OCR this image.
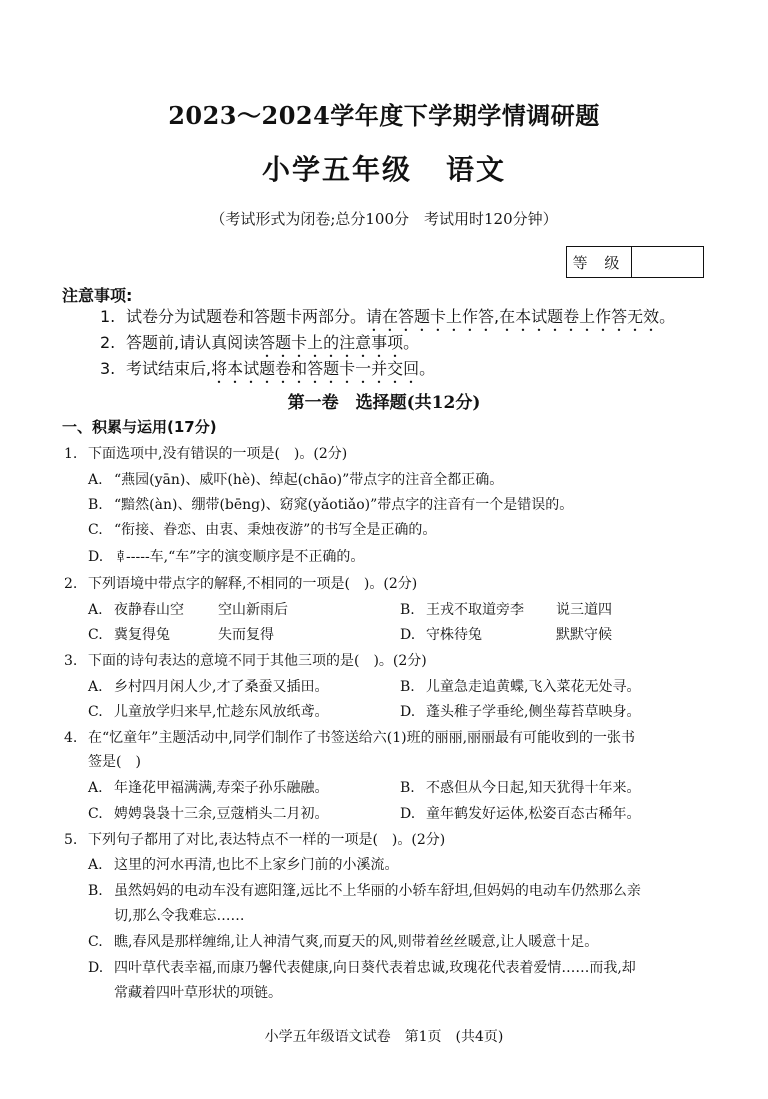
2023～2024学年度下学期学情调研题
小学五年级 语文
（考试形式为闭卷;总分100分　考试用时120分钟）
等 级
注意事项:
1. 试卷分为试题卷和答题卡两部分。请在答题卡上作答,在本试题卷上作答无效。
2. 答题前,请认真阅读答题卡上的注意事项。
3. 考试结束后,将本试题卷和答题卡一并交回。
第一卷　选择题(共12分)
一、积累与运用(17分)
1. 下面选项中,没有错误的一项是(　)。(2分)
A. “燕园(yān)、威吓(hè)、绰起(chāo)”带点字的注音全都正确。
B. “黯然(àn)、绷带(bēng)、窈窕(yǎotiǎo)”带点字的注音有一个是错误的。
C. “衔接、眷恋、由衷、秉烛夜游”的书写全是正确的。
D. 𠦝-----车,“车”字的演变顺序是不正确的。
2. 下列语境中带点字的解释,不相同的一项是(　)。(2分)
A. 夜静春山空 空山新雨后	B. 王戎不取道旁李 说三道四
C. 冀复得兔	失而复得	D. 守株待兔	默默守候
3. 下面的诗句表达的意境不同于其他三项的是(　)。(2分)
A. 乡村四月闲人少,才了桑蚕又插田。	B. 儿童急走追黄蝶,飞入菜花无处寻。
C. 儿童放学归来早,忙趁东风放纸鸢。	D. 蓬头稚子学垂纶,侧坐莓苔草映身。
4. 在“忆童年”主题活动中,同学们制作了书签送给六(1)班的丽丽,丽丽最有可能收到的一张书
签是(　)
A. 年逢花甲福满满,寿栾子孙乐融融。	B. 不惑但从今日起,知天犹得十年来。
C. 娉娉袅袅十三余,豆蔻梢头二月初。	D. 童年鹤发好运体,松姿百态古稀年。
5. 下列句子都用了对比,表达特点不一样的一项是(　)。(2分)
A. 这里的河水再清,也比不上家乡门前的小溪流。
B. 虽然妈妈的电动车没有遮阳篷,远比不上华丽的小轿车舒坦,但妈妈的电动车仍然那么亲
切,那么令我难忘……
C. 瞧,春风是那样缠绵,让人神清气爽,而夏天的风,则带着丝丝暖意,让人暖意十足。
D. 四叶草代表幸福,而康乃馨代表健康,向日葵代表着忠诚,玫瑰花代表着爱情……而我,却
常藏着四叶草形状的项链。
小学五年级语文试卷　第1页　(共4页)
